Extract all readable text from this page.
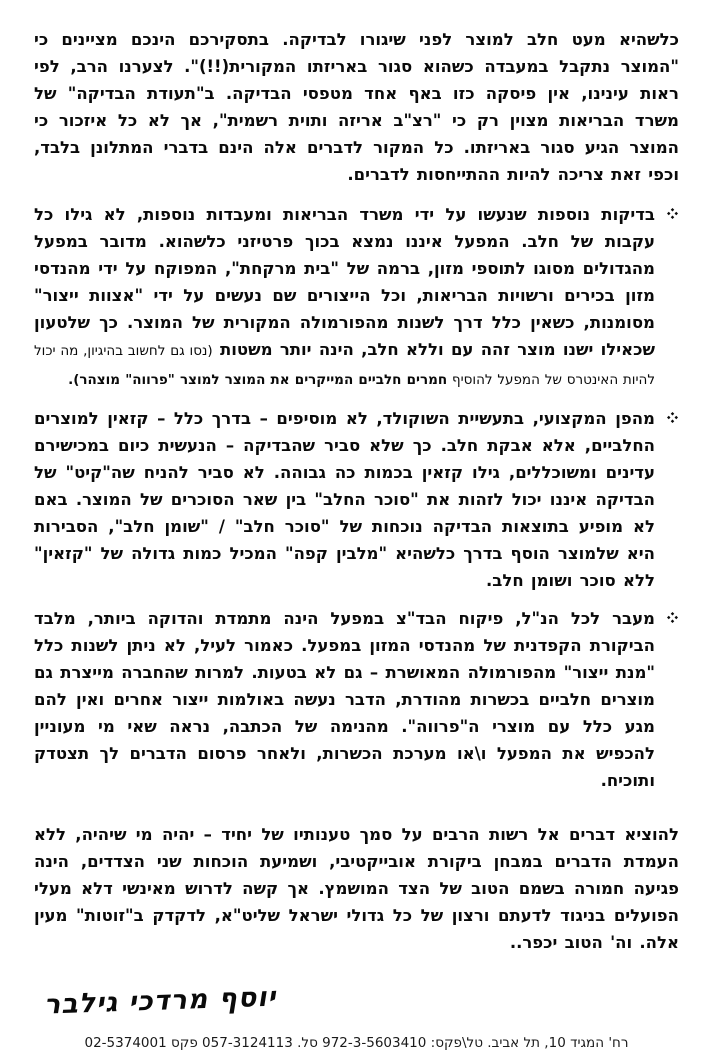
כלשהיא מעט חלב למוצר לפני שיגורו לבדיקה. בתסקירכם הינכם מציינים כי "המוצר נתקבל במעבדה כשהוא סגור באריזתו המקורית(!!)". לצערנו הרב, לפי ראות עינינו, אין פיסקה כזו באף אחד מטפסי הבדיקה. ב"תעודת הבדיקה" של משרד הבריאות מצוין רק כי "רצ"ב אריזה ותוית רשמית", אך לא כל איזכור כי המוצר הגיע סגור באריזתו. כל המקור לדברים אלה הינם בדברי המתלונן בלבד, וכפי זאת צריכה להיות ההתייחסות לדברים.

בדיקות נוספות שנעשו על ידי משרד הבריאות ומעבדות נוספות, לא גילו כל עקבות של חלב. המפעל איננו נמצא בכוך פרטיזני כלשהוא. מדובר במפעל מהגדולים מסוגו לתוספי מזון, ברמה של "בית מרקחת", המפוקח על ידי מהנדסי מזון בכירים ורשויות הבריאות, וכל הייצורים שם נעשים על ידי "אצוות ייצור" מסומנות, כשאין כלל דרך לשנות מהפורמולה המקורית של המוצר. כך שלטעון שכאילו ישנו מוצר זהה עם וללא חלב, הינה יותר משטות (נסו גם לחשוב בהיגיון, מה יכול להיות האינטרס של המפעל להוסיף חמרים חלביים המייקרים את המוצר למוצר "פרווה" מוצהר).
מהפן המקצועי, בתעשיית השוקולד, לא מוסיפים – בדרך כלל – קזאין למוצרים החלביים, אלא אבקת חלב. כך שלא סביר שהבדיקה – הנעשית כיום במכישירם עדינים ומשוכללים, גילו קזאין בכמות כה גבוהה. לא סביר להניח שה"קיט" של הבדיקה איננו יכול לזהות את "סוכר החלב" בין שאר הסוכרים של המוצר. באם לא מופיע בתוצאות הבדיקה נוכחות של "סוכר חלב" / "שומן חלב", הסבירות היא שלמוצר הוסף בדרך כלשהיא "מלבין קפה" המכיל כמות גדולה של "קזאין" ללא סוכר ושומן חלב.
מעבר לכל הנ"ל, פיקוח הבד"צ במפעל הינה מתמדת והדוקה ביותר, מלבד הביקורת הקפדנית של מהנדסי המזון במפעל. כאמור לעיל, לא ניתן לשנות כלל "מנת ייצור" מהפורמולה המאושרת – גם לא בטעות. למרות שהחברה מייצרת גם מוצרים חלביים בכשרות מהודרת, הדבר נעשה באולמות ייצור אחרים ואין להם מגע כלל עם מוצרי ה"פרווה". מהנימה של הכתבה, נראה שאי מי מעוניין להכפיש את המפעל ו\או מערכת הכשרות, ולאחר פרסום הדברים לך תצטדק ותוכיח.

להוציא דברים אל רשות הרבים על סמך טענותיו של יחיד – יהיה מי שיהיה, ללא העמדת הדברים במבחן ביקורת אובייקטיבי, ושמיעת הוכחות שני הצדדים, הינה פגיעה חמורה בשמם הטוב של הצד המושמץ. אך קשה לדרוש מאינשי דלא מעלי הפועלים בניגוד לדעתם ורצון של כל גדולי ישראל שליט"א, לדקדק ב"זוטות" מעין אלה. וה' הטוב יכפר..

יוסף מרדכי גילבר
רח' המגיד 10, תל אביב. טל\פקס: 972-3-5603410 סל. 057-3124113 פקס 02-5374001
